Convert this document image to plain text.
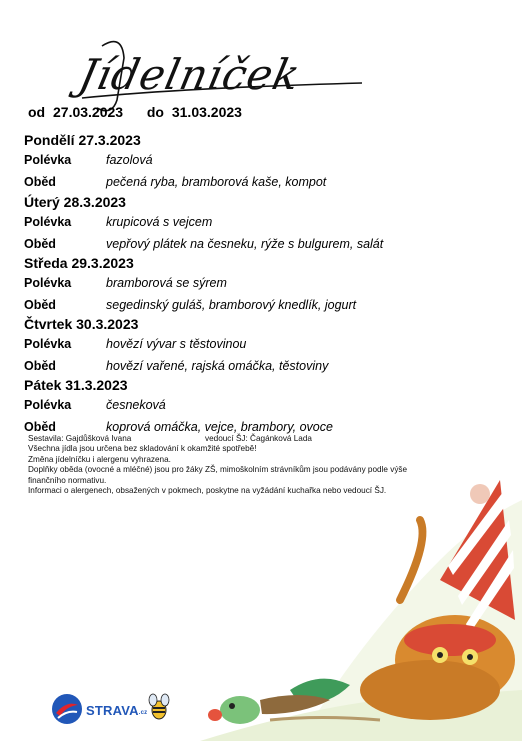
Jídelníček
od 27.03.2023 do 31.03.2023
Pondělí 27.3.2023
Polévka	fazolová
Oběd	pečená ryba, bramborová kaše, kompot
Úterý 28.3.2023
Polévka	krupicová s vejcem
Oběd	vepřový plátek na česneku, rýže s bulgurem, salát
Středa 29.3.2023
Polévka	bramborová se sýrem
Oběd	segedinský guláš, bramborový knedlík, jogurt
Čtvrtek 30.3.2023
Polévka	hovězí vývar s těstovinou
Oběd	hovězí vařené, rajská omáčka, těstoviny
Pátek 31.3.2023
Polévka	česneková
Oběd	koprová omáčka, vejce, brambory, ovoce
Sestavila: Gajdůšková Ivana	vedoucí ŠJ: Čagánková Lada
Všechna jídla jsou určena bez skladování k okamžité spotřebě!
Změna jídelníčku i alergenu vyhrazena.
Doplňky oběda (ovocné a mléčné) jsou pro žáky ZŠ, mimoškolním strávníkům jsou podávány podle výše
finančního normativu.
Informaci o alergenech, obsažených v pokmech, poskytne na vyžádání kuchařka nebo vedoucí ŠJ.
$STRAVA_{.cz}$
